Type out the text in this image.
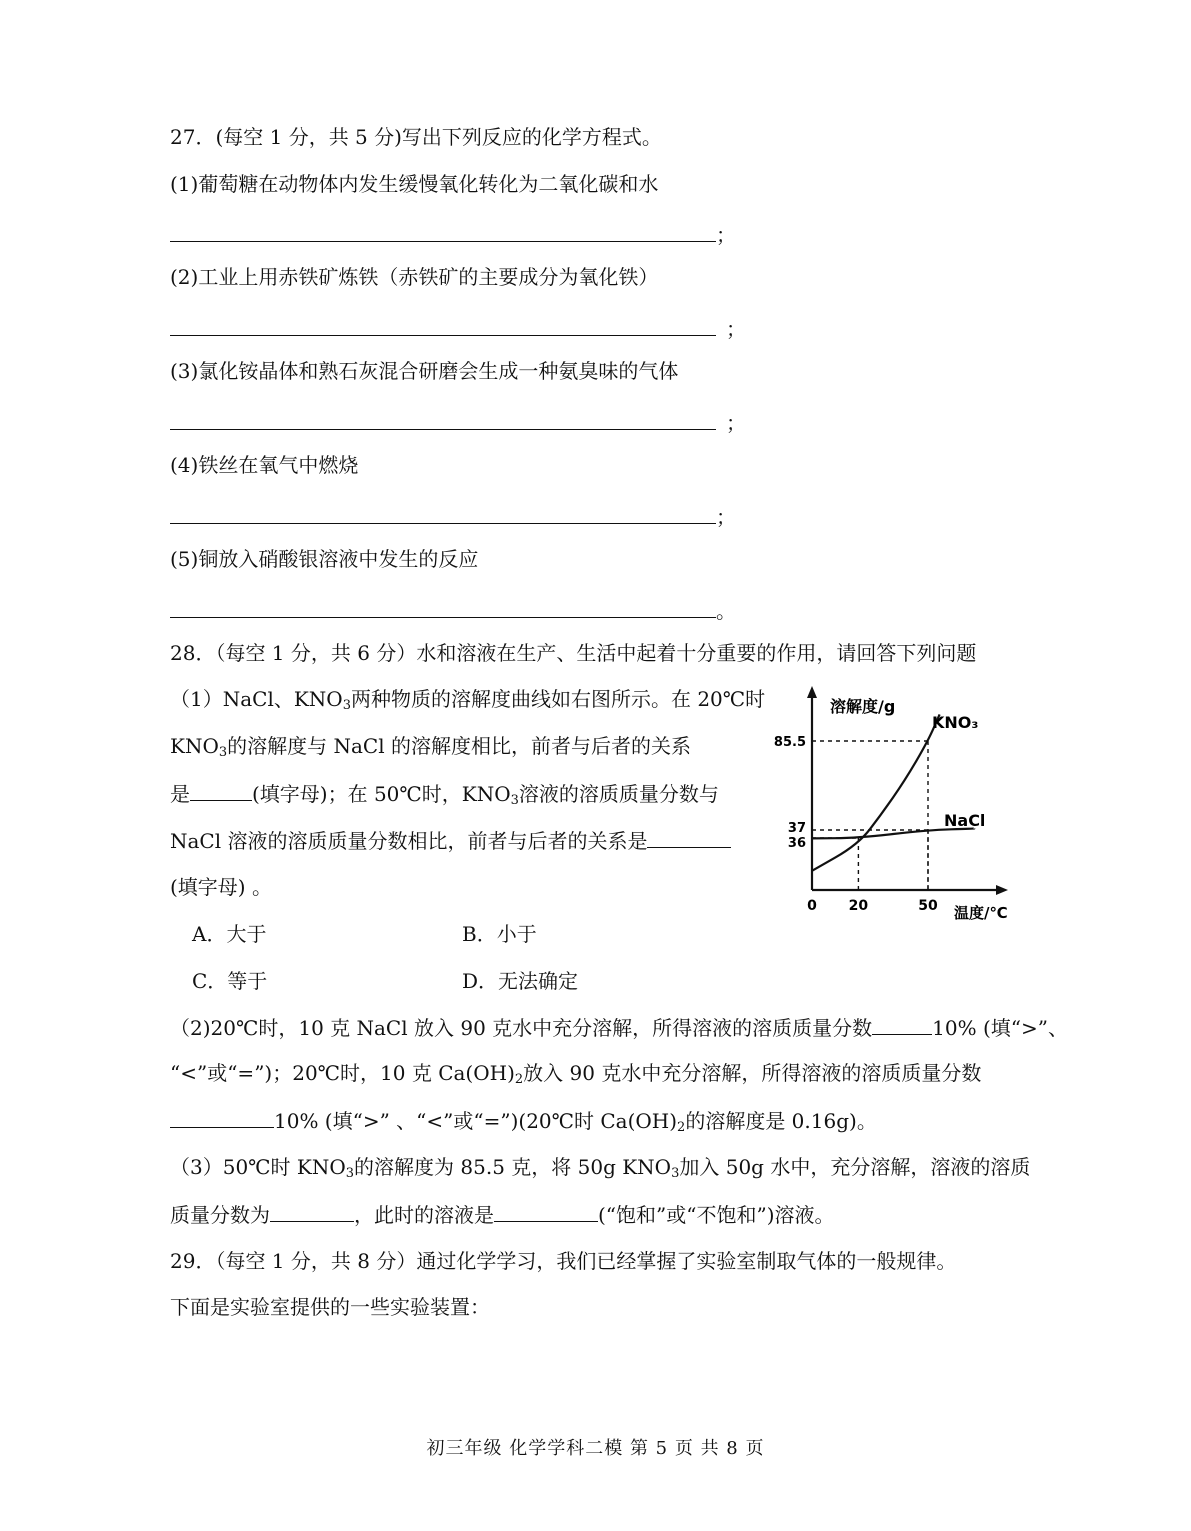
27．(每空 1 分，共 5 分)写出下列反应的化学方程式。
(1)葡萄糖在动物体内发生缓慢氧化转化为二氧化碳和水
；
(2)工业上用赤铁矿炼铁（赤铁矿的主要成分为氧化铁）
；
(3)氯化铵晶体和熟石灰混合研磨会生成一种氨臭味的气体
；
(4)铁丝在氧气中燃烧
；
(5)铜放入硝酸银溶液中发生的反应
。
28．（每空 1 分，共 6 分）水和溶液在生产、生活中起着十分重要的作用，请回答下列问题
（1）NaCl、$KNO_3$两种物质的溶解度曲线如右图所示。在 20℃时
$KNO_3$的溶解度与 NaCl 的溶解度相比，前者与后者的关系
是	(填字母)；在 50℃时，$KNO_3$溶液的溶质质量分数与
NaCl 溶液的溶质质量分数相比，前者与后者的关系是
(填字母) 。
A．大于	B．小于
C．等于	D．无法确定
（2)20℃时，10 克 NaCl 放入 90 克水中充分溶解，所得溶液的溶质质量分数	10% (填“>”、
“<”或“=”)；20℃时，10 克 $Ca(OH)_2$放入 90 克水中充分溶解，所得溶液的溶质质量分数
10% (填“>” 、“<”或“=”)(20℃时 $Ca(OH)_2$的溶解度是 0.16g)。
（3）50℃时 $KNO_3$的溶解度为 85.5 克，将 50g $KNO_3$加入 50g 水中，充分溶解，溶液的溶质
质量分数为	，此时的溶液是	(“饱和”或“不饱和”)溶液。
29．（每空 1 分，共 8 分）通过化学学习，我们已经掌握了实验室制取气体的一般规律。
下面是实验室提供的一些实验装置：
0 20	50
85.5
37
36
溶解度/g
温度/℃
KNO₃
NaCl
初三年级 化学学科二模 第 5 页 共 8 页
